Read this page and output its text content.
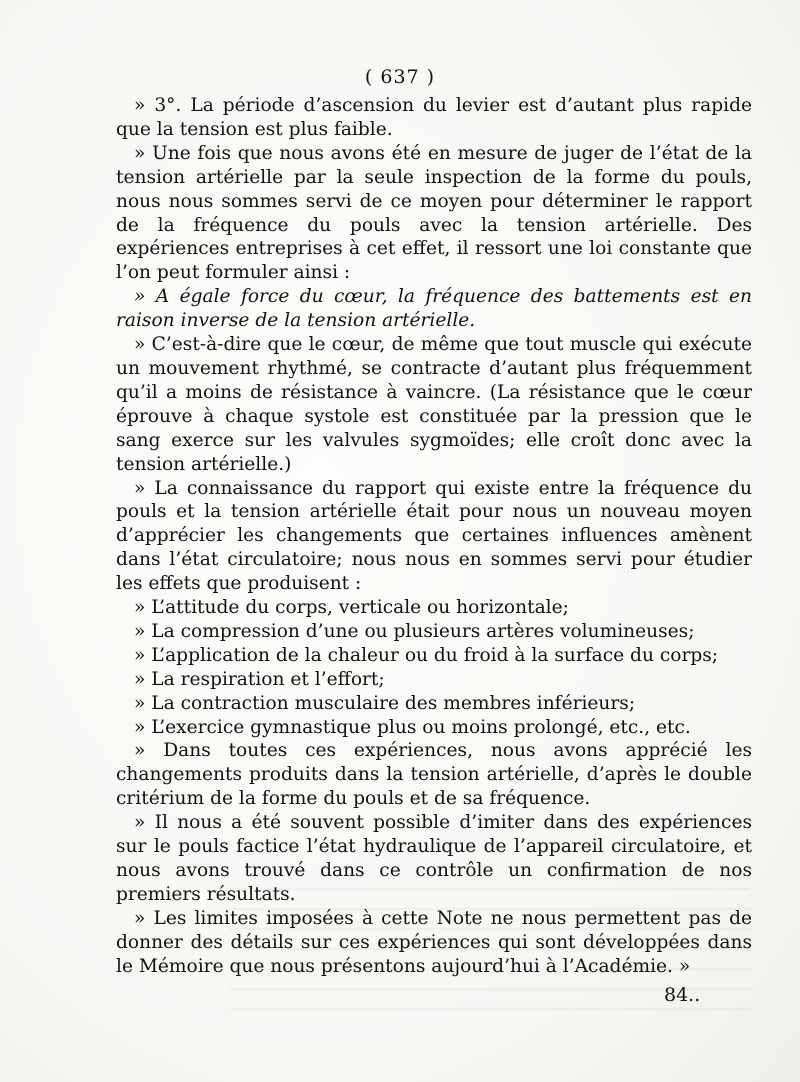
( 637 )

» 3°. La période d’ascension du levier est d’autant plus rapide que la tension est plus faible.

» Une fois que nous avons été en mesure de juger de l’état de la tension artérielle par la seule inspection de la forme du pouls, nous nous sommes servi de ce moyen pour déterminer le rapport de la fréquence du pouls avec la tension artérielle. Des expériences entreprises à cet effet, il ressort une loi constante que l’on peut formuler ainsi :

» A égale force du cœur, la fréquence des battements est en raison inverse de la tension artérielle.

» C’est-à-dire que le cœur, de même que tout muscle qui exécute un mouvement rhythmé, se contracte d’autant plus fréquemment qu’il a moins de résistance à vaincre. (La résistance que le cœur éprouve à chaque systole est constituée par la pression que le sang exerce sur les valvules sygmoïdes; elle croît donc avec la tension artérielle.)

» La connaissance du rapport qui existe entre la fréquence du pouls et la tension artérielle était pour nous un nouveau moyen d’apprécier les changements que certaines influences amènent dans l’état circulatoire; nous nous en sommes servi pour étudier les effets que produisent :

» L’attitude du corps, verticale ou horizontale;

» La compression d’une ou plusieurs artères volumineuses;

» L’application de la chaleur ou du froid à la surface du corps;

» La respiration et l’effort;

» La contraction musculaire des membres inférieurs;

» L’exercice gymnastique plus ou moins prolongé, etc., etc.

» Dans toutes ces expériences, nous avons apprécié les changements produits dans la tension artérielle, d’après le double critérium de la forme du pouls et de sa fréquence.

» Il nous a été souvent possible d’imiter dans des expériences sur le pouls factice l’état hydraulique de l’appareil circulatoire, et nous avons trouvé dans ce contrôle un confirmation de nos premiers résultats.

» Les limites imposées à cette Note ne nous permettent pas de donner des détails sur ces expériences qui sont développées dans le Mémoire que nous présentons aujourd’hui à l’Académie. »

84..
